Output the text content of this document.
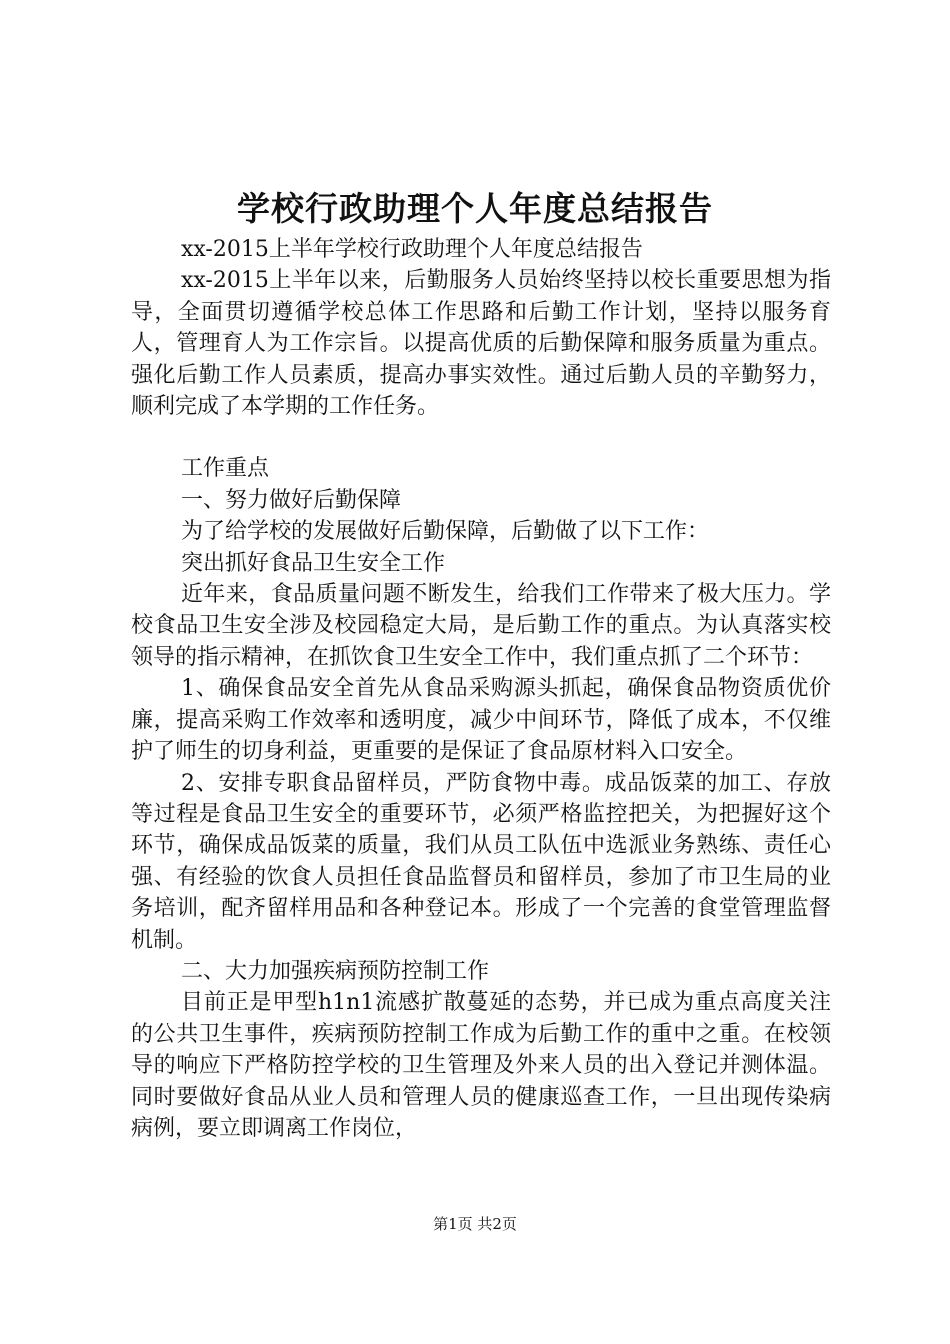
学校行政助理个人年度总结报告

xx-2015上半年学校行政助理个人年度总结报告

xx-2015上半年以来，后勤服务人员始终坚持以校长重要思想为指导，全面贯切遵循学校总体工作思路和后勤工作计划，坚持以服务育人，管理育人为工作宗旨。以提高优质的后勤保障和服务质量为重点。强化后勤工作人员素质，提高办事实效性。通过后勤人员的辛勤努力，顺利完成了本学期的工作任务。

工作重点

一、努力做好后勤保障

为了给学校的发展做好后勤保障，后勤做了以下工作：

突出抓好食品卫生安全工作

近年来，食品质量问题不断发生，给我们工作带来了极大压力。学校食品卫生安全涉及校园稳定大局，是后勤工作的重点。为认真落实校领导的指示精神，在抓饮食卫生安全工作中，我们重点抓了二个环节：

1、确保食品安全首先从食品采购源头抓起，确保食品物资质优价廉，提高采购工作效率和透明度，减少中间环节，降低了成本，不仅维护了师生的切身利益，更重要的是保证了食品原材料入口安全。

2、安排专职食品留样员，严防食物中毒。成品饭菜的加工、存放等过程是食品卫生安全的重要环节，必须严格监控把关，为把握好这个环节，确保成品饭菜的质量，我们从员工队伍中选派业务熟练、责任心强、有经验的饮食人员担任食品监督员和留样员，参加了市卫生局的业务培训，配齐留样用品和各种登记本。形成了一个完善的食堂管理监督机制。

二、大力加强疾病预防控制工作

目前正是甲型h1n1流感扩散蔓延的态势，并已成为重点高度关注的公共卫生事件，疾病预防控制工作成为后勤工作的重中之重。在校领导的响应下严格防控学校的卫生管理及外来人员的出入登记并测体温。同时要做好食品从业人员和管理人员的健康巡查工作，一旦出现传染病病例，要立即调离工作岗位，

第1页 共2页
